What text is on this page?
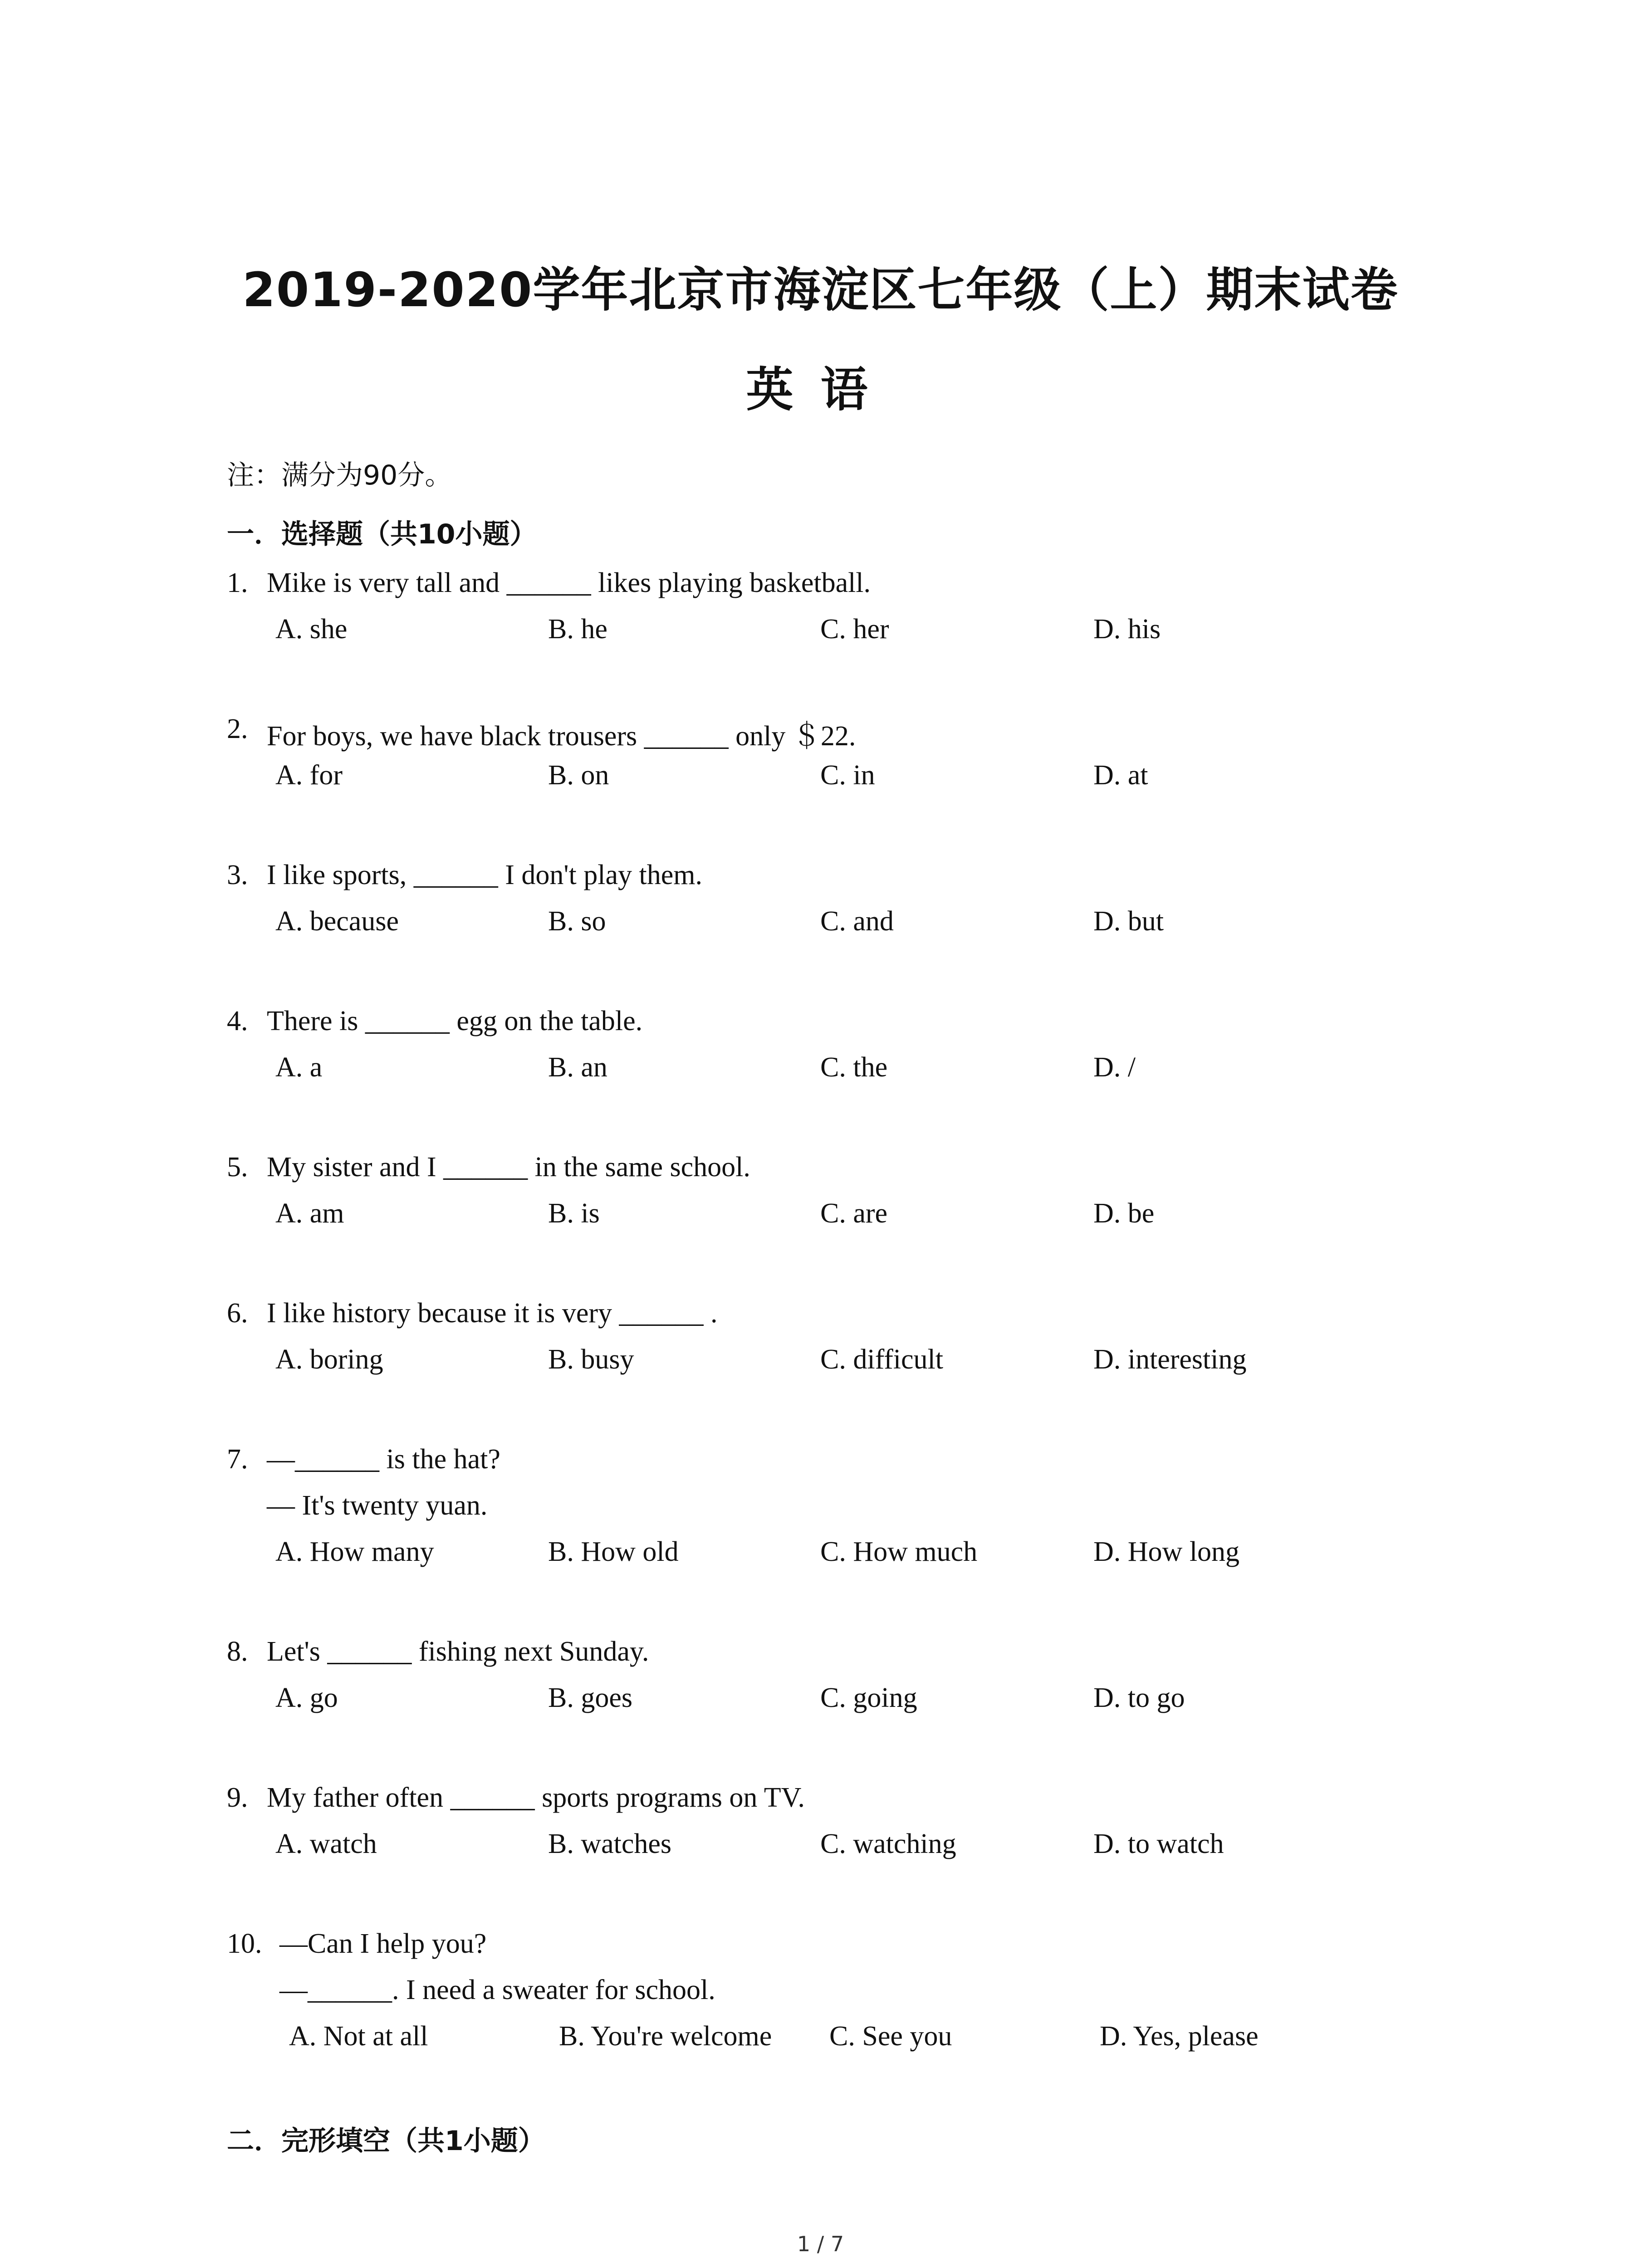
2019-2020学年北京市海淀区七年级（上）期末试卷
英语
注：满分为90分。
一．选择题（共10小题）
1. Mike is very tall and ______ likes playing basketball.
A. she	B. he	C. her	D. his
2. For boys, we have black trousers ______ only ＄22.
A. for	B. on	C. in	D. at
3. I like sports, ______ I don't play them.
A. because	B. so	C. and	D. but
4. There is ______ egg on the table.
A. a	B. an	C. the	D. /
5. My sister and I ______ in the same school.
A. am	B. is	C. are	D. be
6. I like history because it is very ______ .
A. boring	B. busy	C. difficult	D. interesting
7. —______ is the hat?
— It's twenty yuan.
A. How many	B. How old	C. How much	D. How long
8. Let's ______ fishing next Sunday.
A. go	B. goes	C. going	D. to go
9. My father often ______ sports programs on TV.
A. watch	B. watches	C. watching	D. to watch
10. —Can I help you?
—______. I need a sweater for school.
A. Not at all	B. You're welcome C. See you	D. Yes, please
二．完形填空（共1小题）
1 / 7
